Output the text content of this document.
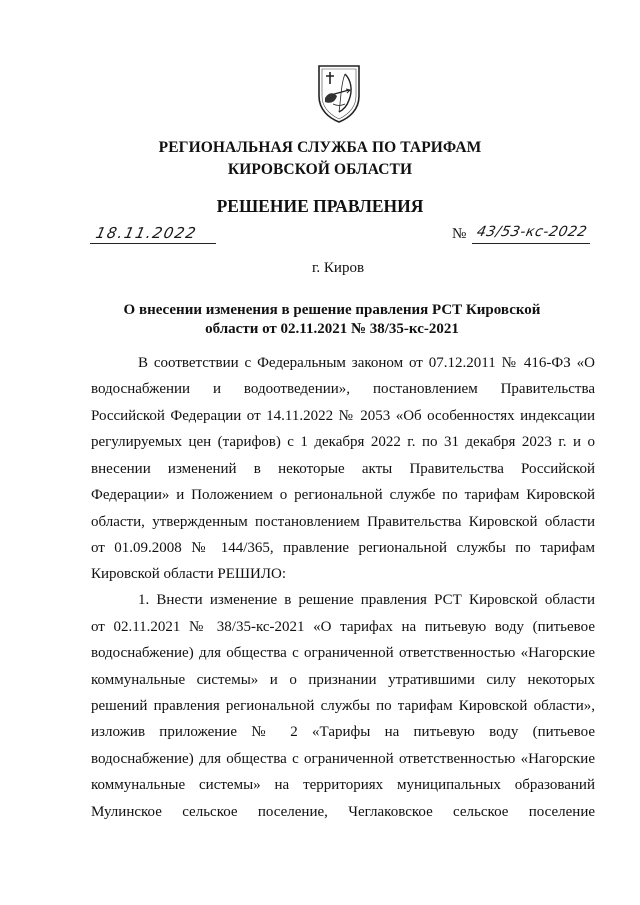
РЕГИОНАЛЬНАЯ СЛУЖБА ПО ТАРИФАМ
КИРОВСКОЙ ОБЛАСТИ
РЕШЕНИЕ ПРАВЛЕНИЯ
18.11.2022	№ 43/53-кс-2022
г. Киров
О внесении изменения в решение правления РСТ Кировской
области от 02.11.2021 № 38/35-кс-2021
В соответствии с Федеральным законом от 07.12.2011 № 416-ФЗ «О
водоснабжении и водоотведении», постановлением Правительства
Российской Федерации от 14.11.2022 № 2053 «Об особенностях индексации
регулируемых цен (тарифов) с 1 декабря 2022 г. по 31 декабря 2023 г. и о
внесении изменений в некоторые акты Правительства Российской
Федерации» и Положением о региональной службе по тарифам Кировской
области, утвержденным постановлением Правительства Кировской области
от 01.09.2008 № 144/365, правление региональной службы по тарифам
Кировской области РЕШИЛО:
1. Внести изменение в решение правления РСТ Кировской области
от 02.11.2021 № 38/35-кс-2021 «О тарифах на питьевую воду (питьевое
водоснабжение) для общества с ограниченной ответственностью «Нагорские
коммунальные системы» и о признании утратившими силу некоторых
решений правления региональной службы по тарифам Кировской области»,
изложив приложение № 2 «Тарифы на питьевую воду (питьевое
водоснабжение) для общества с ограниченной ответственностью «Нагорские
коммунальные системы» на территориях муниципальных образований
Мулинское сельское поселение, Чеглаковское сельское поселение
